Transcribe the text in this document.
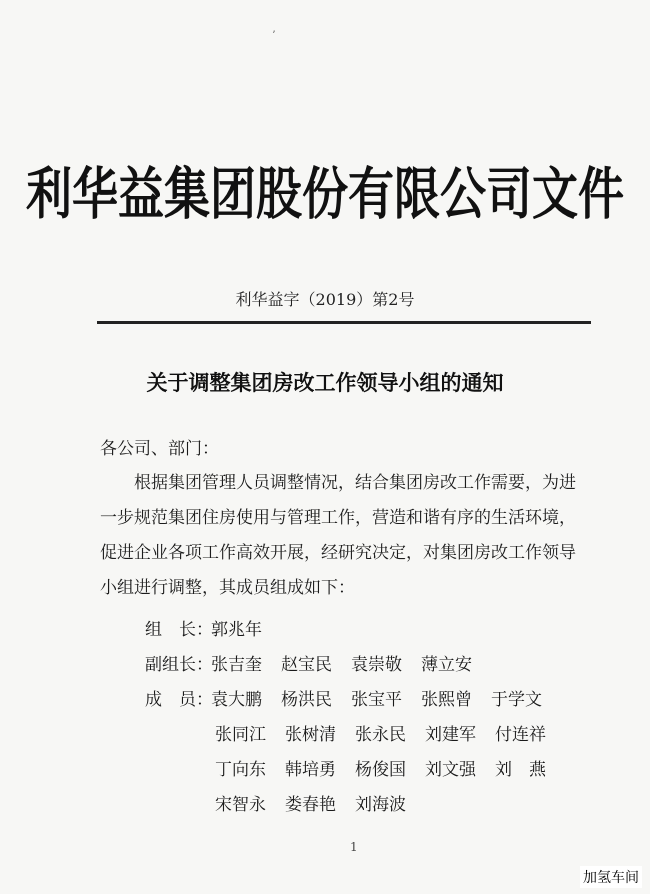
ʼ
利华益集团股份有限公司文件
利华益字（2019）第2号
关于调整集团房改工作领导小组的通知
各公司、部门：
根据集团管理人员调整情况，结合集团房改工作需要，为进
一步规范集团住房使用与管理工作，营造和谐有序的生活环境，
促进企业各项工作高效开展，经研究决定，对集团房改工作领导
小组进行调整，其成员组成如下：
组　长：郭兆年
副组长：张吉奎 赵宝民 袁崇敬 薄立安
成　员：袁大鹏 杨洪民 张宝平 张熙曾 于学文
张同江 张树清 张永民 刘建军 付连祥
丁向东 韩培勇 杨俊国 刘文强 刘　燕
宋智永 娄春艳 刘海波
1
加氢车间
